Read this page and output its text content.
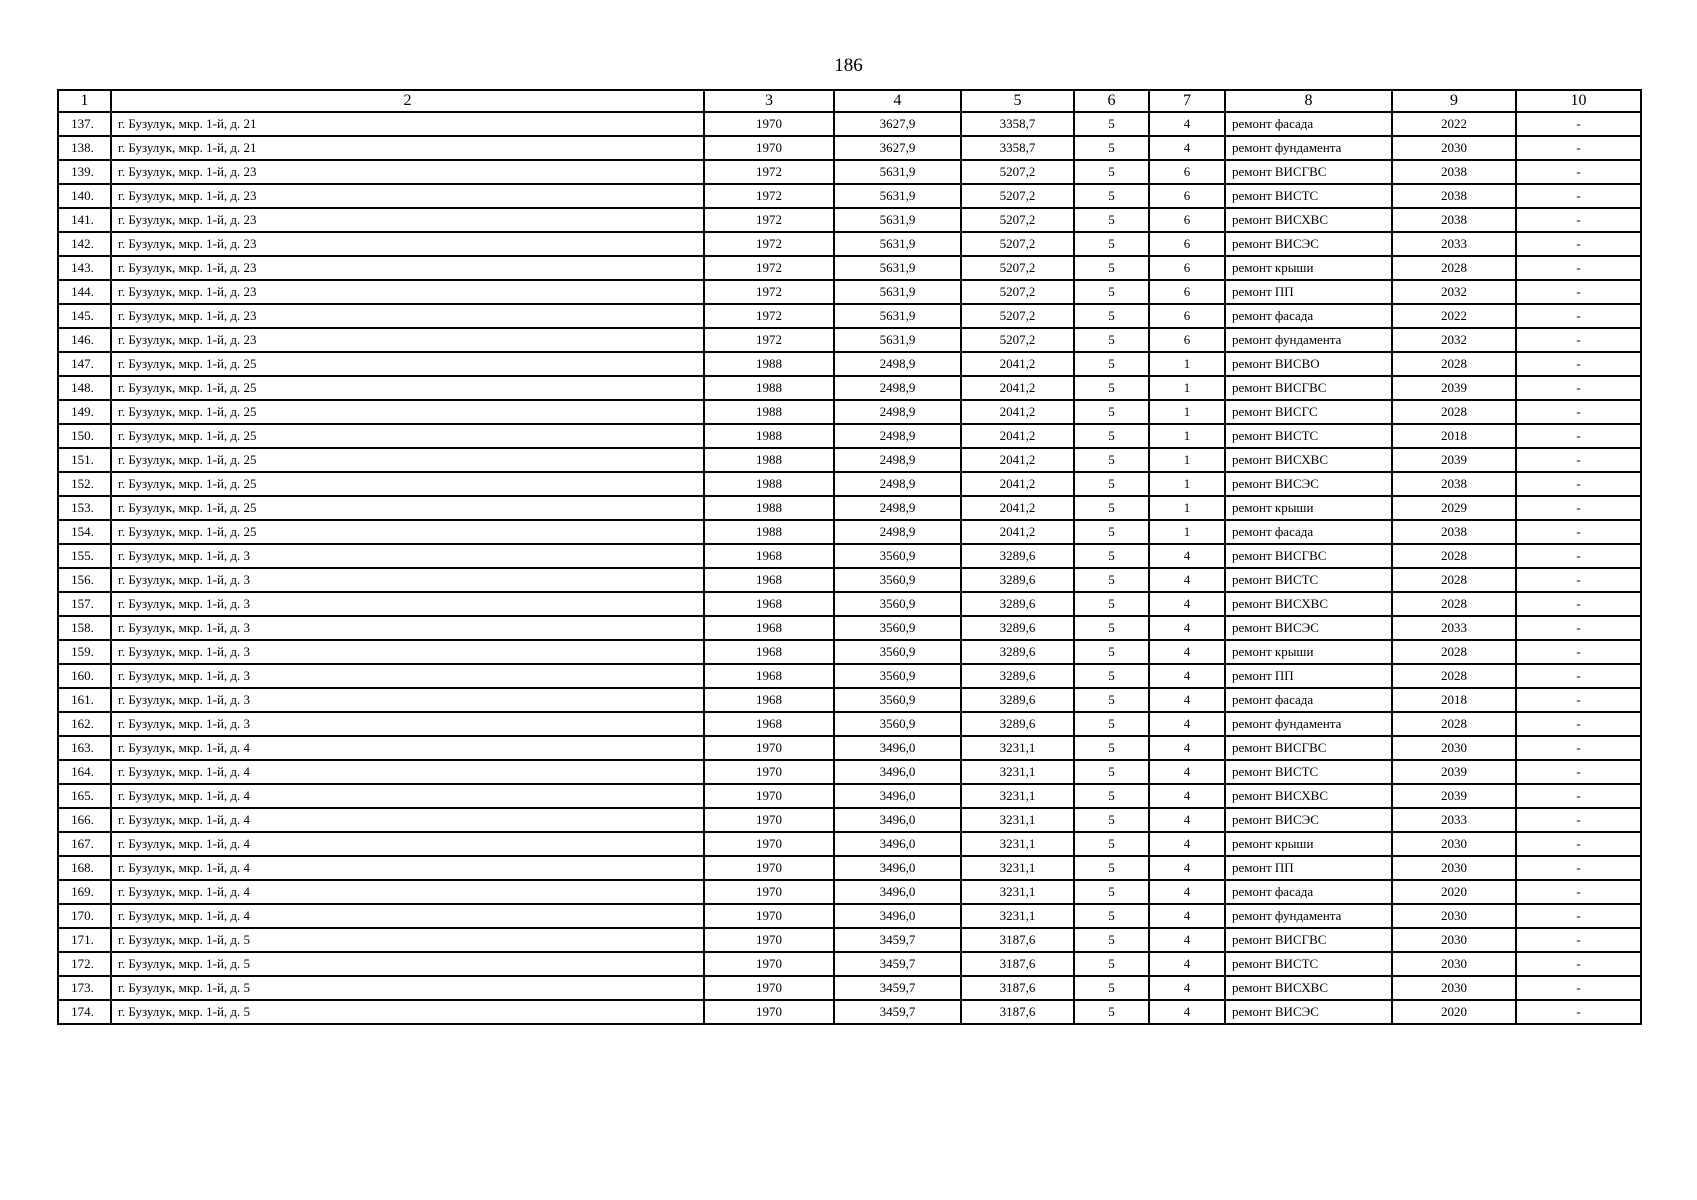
186
1	2	3	4	5	6	7	8	9	10
137.	г. Бузулук, мкр. 1-й, д. 21	1970	3627,9	3358,7	5	4	ремонт фасада	2022	-
138.	г. Бузулук, мкр. 1-й, д. 21	1970	3627,9	3358,7	5	4	ремонт фундамента	2030	-
139.	г. Бузулук, мкр. 1-й, д. 23	1972	5631,9	5207,2	5	6	ремонт ВИСГВС	2038	-
140.	г. Бузулук, мкр. 1-й, д. 23	1972	5631,9	5207,2	5	6	ремонт ВИСТС	2038	-
141.	г. Бузулук, мкр. 1-й, д. 23	1972	5631,9	5207,2	5	6	ремонт ВИСХВС	2038	-
142.	г. Бузулук, мкр. 1-й, д. 23	1972	5631,9	5207,2	5	6	ремонт ВИСЭС	2033	-
143.	г. Бузулук, мкр. 1-й, д. 23	1972	5631,9	5207,2	5	6	ремонт крыши	2028	-
144.	г. Бузулук, мкр. 1-й, д. 23	1972	5631,9	5207,2	5	6	ремонт ПП	2032	-
145.	г. Бузулук, мкр. 1-й, д. 23	1972	5631,9	5207,2	5	6	ремонт фасада	2022	-
146.	г. Бузулук, мкр. 1-й, д. 23	1972	5631,9	5207,2	5	6	ремонт фундамента	2032	-
147.	г. Бузулук, мкр. 1-й, д. 25	1988	2498,9	2041,2	5	1	ремонт ВИСВО	2028	-
148.	г. Бузулук, мкр. 1-й, д. 25	1988	2498,9	2041,2	5	1	ремонт ВИСГВС	2039	-
149.	г. Бузулук, мкр. 1-й, д. 25	1988	2498,9	2041,2	5	1	ремонт ВИСГС	2028	-
150.	г. Бузулук, мкр. 1-й, д. 25	1988	2498,9	2041,2	5	1	ремонт ВИСТС	2018	-
151.	г. Бузулук, мкр. 1-й, д. 25	1988	2498,9	2041,2	5	1	ремонт ВИСХВС	2039	-
152.	г. Бузулук, мкр. 1-й, д. 25	1988	2498,9	2041,2	5	1	ремонт ВИСЭС	2038	-
153.	г. Бузулук, мкр. 1-й, д. 25	1988	2498,9	2041,2	5	1	ремонт крыши	2029	-
154.	г. Бузулук, мкр. 1-й, д. 25	1988	2498,9	2041,2	5	1	ремонт фасада	2038	-
155.	г. Бузулук, мкр. 1-й, д. 3	1968	3560,9	3289,6	5	4	ремонт ВИСГВС	2028	-
156.	г. Бузулук, мкр. 1-й, д. 3	1968	3560,9	3289,6	5	4	ремонт ВИСТС	2028	-
157.	г. Бузулук, мкр. 1-й, д. 3	1968	3560,9	3289,6	5	4	ремонт ВИСХВС	2028	-
158.	г. Бузулук, мкр. 1-й, д. 3	1968	3560,9	3289,6	5	4	ремонт ВИСЭС	2033	-
159.	г. Бузулук, мкр. 1-й, д. 3	1968	3560,9	3289,6	5	4	ремонт крыши	2028	-
160.	г. Бузулук, мкр. 1-й, д. 3	1968	3560,9	3289,6	5	4	ремонт ПП	2028	-
161.	г. Бузулук, мкр. 1-й, д. 3	1968	3560,9	3289,6	5	4	ремонт фасада	2018	-
162.	г. Бузулук, мкр. 1-й, д. 3	1968	3560,9	3289,6	5	4	ремонт фундамента	2028	-
163.	г. Бузулук, мкр. 1-й, д. 4	1970	3496,0	3231,1	5	4	ремонт ВИСГВС	2030	-
164.	г. Бузулук, мкр. 1-й, д. 4	1970	3496,0	3231,1	5	4	ремонт ВИСТС	2039	-
165.	г. Бузулук, мкр. 1-й, д. 4	1970	3496,0	3231,1	5	4	ремонт ВИСХВС	2039	-
166.	г. Бузулук, мкр. 1-й, д. 4	1970	3496,0	3231,1	5	4	ремонт ВИСЭС	2033	-
167.	г. Бузулук, мкр. 1-й, д. 4	1970	3496,0	3231,1	5	4	ремонт крыши	2030	-
168.	г. Бузулук, мкр. 1-й, д. 4	1970	3496,0	3231,1	5	4	ремонт ПП	2030	-
169.	г. Бузулук, мкр. 1-й, д. 4	1970	3496,0	3231,1	5	4	ремонт фасада	2020	-
170.	г. Бузулук, мкр. 1-й, д. 4	1970	3496,0	3231,1	5	4	ремонт фундамента	2030	-
171.	г. Бузулук, мкр. 1-й, д. 5	1970	3459,7	3187,6	5	4	ремонт ВИСГВС	2030	-
172.	г. Бузулук, мкр. 1-й, д. 5	1970	3459,7	3187,6	5	4	ремонт ВИСТС	2030	-
173.	г. Бузулук, мкр. 1-й, д. 5	1970	3459,7	3187,6	5	4	ремонт ВИСХВС	2030	-
174.	г. Бузулук, мкр. 1-й, д. 5	1970	3459,7	3187,6	5	4	ремонт ВИСЭС	2020	-
